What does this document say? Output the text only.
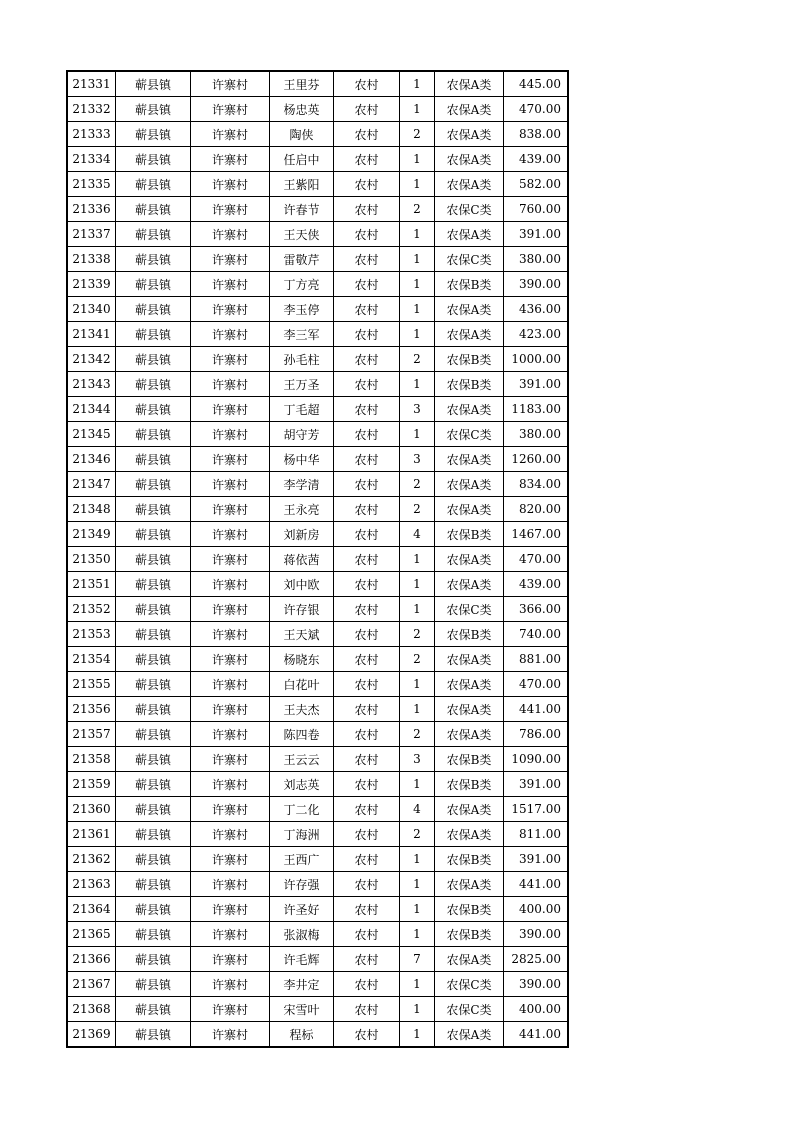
21331	蕲县镇	许寨村	王里芬	农村	1	农保A类	445.00
21332	蕲县镇	许寨村	杨忠英	农村	1	农保A类	470.00
21333	蕲县镇	许寨村	陶侠	农村	2	农保A类	838.00
21334	蕲县镇	许寨村	任启中	农村	1	农保A类	439.00
21335	蕲县镇	许寨村	王紫阳	农村	1	农保A类	582.00
21336	蕲县镇	许寨村	许春节	农村	2	农保C类	760.00
21337	蕲县镇	许寨村	王天侠	农村	1	农保A类	391.00
21338	蕲县镇	许寨村	雷敬芹	农村	1	农保C类	380.00
21339	蕲县镇	许寨村	丁方亮	农村	1	农保B类	390.00
21340	蕲县镇	许寨村	李玉停	农村	1	农保A类	436.00
21341	蕲县镇	许寨村	李三军	农村	1	农保A类	423.00
21342	蕲县镇	许寨村	孙毛柱	农村	2	农保B类	1000.00
21343	蕲县镇	许寨村	王万圣	农村	1	农保B类	391.00
21344	蕲县镇	许寨村	丁毛超	农村	3	农保A类	1183.00
21345	蕲县镇	许寨村	胡守芳	农村	1	农保C类	380.00
21346	蕲县镇	许寨村	杨中华	农村	3	农保A类	1260.00
21347	蕲县镇	许寨村	李学清	农村	2	农保A类	834.00
21348	蕲县镇	许寨村	王永亮	农村	2	农保A类	820.00
21349	蕲县镇	许寨村	刘新房	农村	4	农保B类	1467.00
21350	蕲县镇	许寨村	蒋依茜	农村	1	农保A类	470.00
21351	蕲县镇	许寨村	刘中欧	农村	1	农保A类	439.00
21352	蕲县镇	许寨村	许存银	农村	1	农保C类	366.00
21353	蕲县镇	许寨村	王天斌	农村	2	农保B类	740.00
21354	蕲县镇	许寨村	杨晓东	农村	2	农保A类	881.00
21355	蕲县镇	许寨村	白花叶	农村	1	农保A类	470.00
21356	蕲县镇	许寨村	王夫杰	农村	1	农保A类	441.00
21357	蕲县镇	许寨村	陈四卷	农村	2	农保A类	786.00
21358	蕲县镇	许寨村	王云云	农村	3	农保B类	1090.00
21359	蕲县镇	许寨村	刘志英	农村	1	农保B类	391.00
21360	蕲县镇	许寨村	丁二化	农村	4	农保A类	1517.00
21361	蕲县镇	许寨村	丁海洲	农村	2	农保A类	811.00
21362	蕲县镇	许寨村	王西广	农村	1	农保B类	391.00
21363	蕲县镇	许寨村	许存强	农村	1	农保A类	441.00
21364	蕲县镇	许寨村	许圣好	农村	1	农保B类	400.00
21365	蕲县镇	许寨村	张淑梅	农村	1	农保B类	390.00
21366	蕲县镇	许寨村	许毛辉	农村	7	农保A类	2825.00
21367	蕲县镇	许寨村	李井定	农村	1	农保C类	390.00
21368	蕲县镇	许寨村	宋雪叶	农村	1	农保C类	400.00
21369	蕲县镇	许寨村	程标	农村	1	农保A类	441.00
